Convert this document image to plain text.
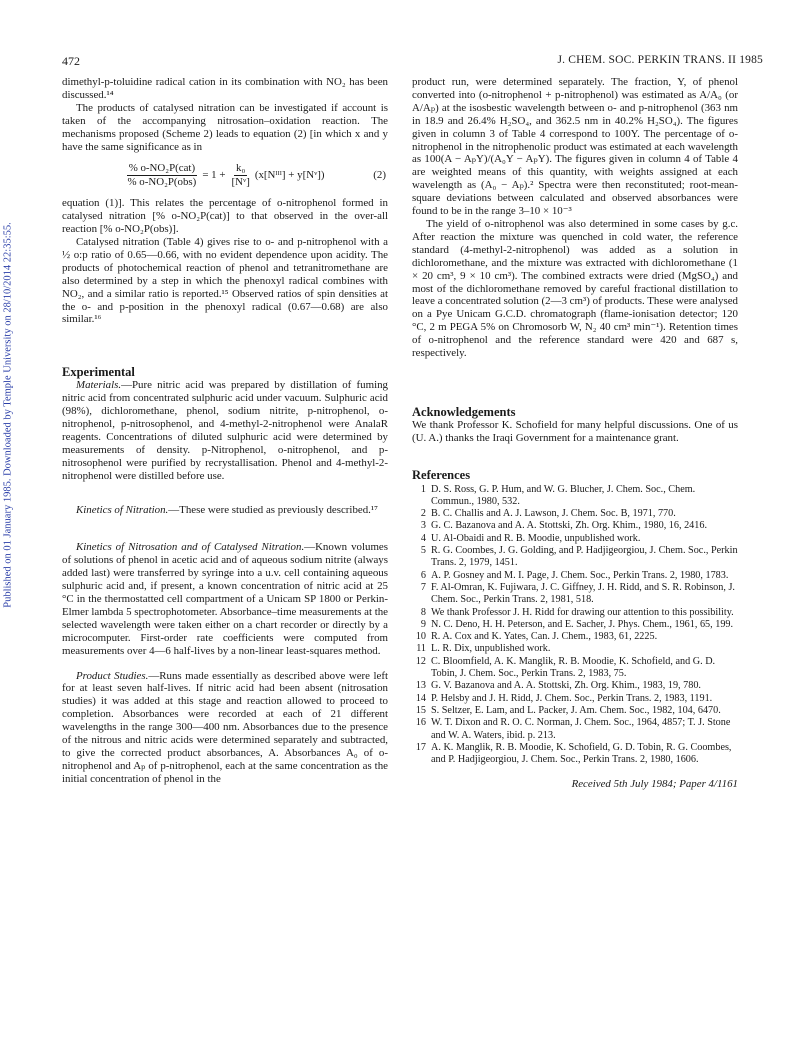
Published on 01 January 1985. Downloaded by Temple University on 28/10/2014 22:35:55.
472	J. CHEM. SOC. PERKIN TRANS. II 1985

dimethyl-p-toluidine radical cation in its combination with NO₂ has been discussed.¹⁴

The products of catalysed nitration can be investigated if account is taken of the accompanying nitrosation–oxidation reaction. The mechanisms proposed (Scheme 2) leads to equation (2) [in which x and y have the same significance as in

$\frac{\text{\% o-NO₂P(cat)}}{\text{\% o-NO₂P(obs)}} = 1 + \frac{\text{k₀}}{\text{[Nᵛ]}}$ (x[Nᴵᴵᴵ] + y[Nᵛ])	(2)

equation (1)]. This relates the percentage of o-nitrophenol formed in catalysed nitration [% o-NO₂P(cat)] to that observed in the over-all reaction [% o-NO₂P(obs)].

Catalysed nitration (Table 4) gives rise to o- and p-nitrophenol with a ½ o:p ratio of 0.65—0.66, with no evident dependence upon acidity. The products of photochemical reaction of phenol and tetranitromethane are also determined by a step in which the phenoxyl radical combines with NO₂, and a similar ratio is reported.¹⁵ Observed ratios of spin densities at the o- and p-position in the phenoxyl radical (0.67—0.68) are also similar.¹⁶

Experimental

Materials.—Pure nitric acid was prepared by distillation of fuming nitric acid from concentrated sulphuric acid under vacuum. Sulphuric acid (98%), dichloromethane, phenol, sodium nitrite, p-nitrophenol, o-nitrophenol, p-nitrosophenol, and 4-methyl-2-nitrophenol were AnalaR reagents. Concentrations of diluted sulphuric acid were determined by measurements of density. p-Nitrophenol, o-nitrophenol, and p-nitrosophenol were purified by recrystallisation. Phenol and 4-methyl-2-nitrophenol were distilled before use.

Kinetics of Nitration.—These were studied as previously described.¹⁷

Kinetics of Nitrosation and of Catalysed Nitration.—Known volumes of solutions of phenol in acetic acid and of aqueous sodium nitrite (always added last) were transferred by syringe into a u.v. cell containing aqueous sulphuric acid and, if present, a known concentration of nitric acid at 25 °C in the thermostatted cell compartment of a Unicam SP 1800 or Perkin-Elmer lambda 5 spectrophotometer. Absorbance–time measurements at the selected wavelength were taken either on a chart recorder or directly by a microcomputer. First-order rate coefficients were computed from measurements over 4—6 half-lives by a non-linear least-squares method.

Product Studies.—Runs made essentially as described above were left for at least seven half-lives. If nitric acid had been absent (nitrosation studies) it was added at this stage and reaction allowed to proceed to completion. Absorbances were recorded at each of 21 different wavelengths in the range 300—400 nm. Absorbances due to the presence of the nitrous and nitric acids were determined separately and subtracted, to give the corrected product absorbances, A. Absorbances A₀ of o-nitrophenol and Aₚ of p-nitrophenol, each at the same concentration as the initial concentration of phenol in the

product run, were determined separately. The fraction, Y, of phenol converted into (o-nitrophenol + p-nitrophenol) was estimated as A/A₀ (or A/Aₚ) at the isosbestic wavelength between o- and p-nitrophenol (363 nm in 18.9 and 26.4% H₂SO₄, and 362.5 nm in 40.2% H₂SO₄). The figures given in column 3 of Table 4 correspond to 100Y. The percentage of o-nitrophenol in the nitrophenolic product was estimated at each wavelength as 100(A − AₚY)/(A₀Y − AₚY). The figures given in column 4 of Table 4 are weighted means of this quantity, with weights assigned at each wavelength as (A₀ − Aₚ).² Spectra were then reconstituted; root-mean-square deviations between calculated and observed absorbances were found to be in the range 3–10 × 10⁻³

The yield of o-nitrophenol was also determined in some cases by g.c. After reaction the mixture was quenched in cold water, the reference standard (4-methyl-2-nitrophenol) was added as a solution in dichloromethane, and the mixture was extracted with dichloromethane (1 × 20 cm³, 9 × 10 cm³). The combined extracts were dried (MgSO₄) and most of the dichloromethane removed by careful fractional distillation to leave a concentrated solution (2—3 cm³) of products. These were analysed on a Pye Unicam G.C.D. chromatograph (flame-ionisation detector; 120 °C, 2 m PEGA 5% on Chromosorb W, N₂ 40 cm³ min⁻¹). Retention times of o-nitrophenol and the reference standard were 420 and 687 s, respectively.

Acknowledgements

We thank Professor K. Schofield for many helpful discussions. One of us (U. A.) thanks the Iraqi Government for a maintenance grant.

References
1 D. S. Ross, G. P. Hum, and W. G. Blucher, J. Chem. Soc., Chem. Commun., 1980, 532.
2 B. C. Challis and A. J. Lawson, J. Chem. Soc. B, 1971, 770.
3 G. C. Bazanova and A. A. Stottski, Zh. Org. Khim., 1980, 16, 2416.
4 U. Al-Obaidi and R. B. Moodie, unpublished work.
5 R. G. Coombes, J. G. Golding, and P. Hadjigeorgiou, J. Chem. Soc., Perkin Trans. 2, 1979, 1451.
6 A. P. Gosney and M. I. Page, J. Chem. Soc., Perkin Trans. 2, 1980, 1783.
7 F. Al-Omran, K. Fujiwara, J. C. Giffney, J. H. Ridd, and S. R. Robinson, J. Chem. Soc., Perkin Trans. 2, 1981, 518.
8 We thank Professor J. H. Ridd for drawing our attention to this possibility.
9 N. C. Deno, H. H. Peterson, and E. Sacher, J. Phys. Chem., 1961, 65, 199.
10 R. A. Cox and K. Yates, Can. J. Chem., 1983, 61, 2225.
11 L. R. Dix, unpublished work.
12 C. Bloomfield, A. K. Manglik, R. B. Moodie, K. Schofield, and G. D. Tobin, J. Chem. Soc., Perkin Trans. 2, 1983, 75.
13 G. V. Bazanova and A. A. Stottski, Zh. Org. Khim., 1983, 19, 780.
14 P. Helsby and J. H. Ridd, J. Chem. Soc., Perkin Trans. 2, 1983, 1191.
15 S. Seltzer, E. Lam, and L. Packer, J. Am. Chem. Soc., 1982, 104, 6470.
16 W. T. Dixon and R. O. C. Norman, J. Chem. Soc., 1964, 4857; T. J. Stone and W. A. Waters, ibid. p. 213.
17 A. K. Manglik, R. B. Moodie, K. Schofield, G. D. Tobin, R. G. Coombes, and P. Hadjigeorgiou, J. Chem. Soc., Perkin Trans. 2, 1980, 1606.

Received 5th July 1984; Paper 4/1161
